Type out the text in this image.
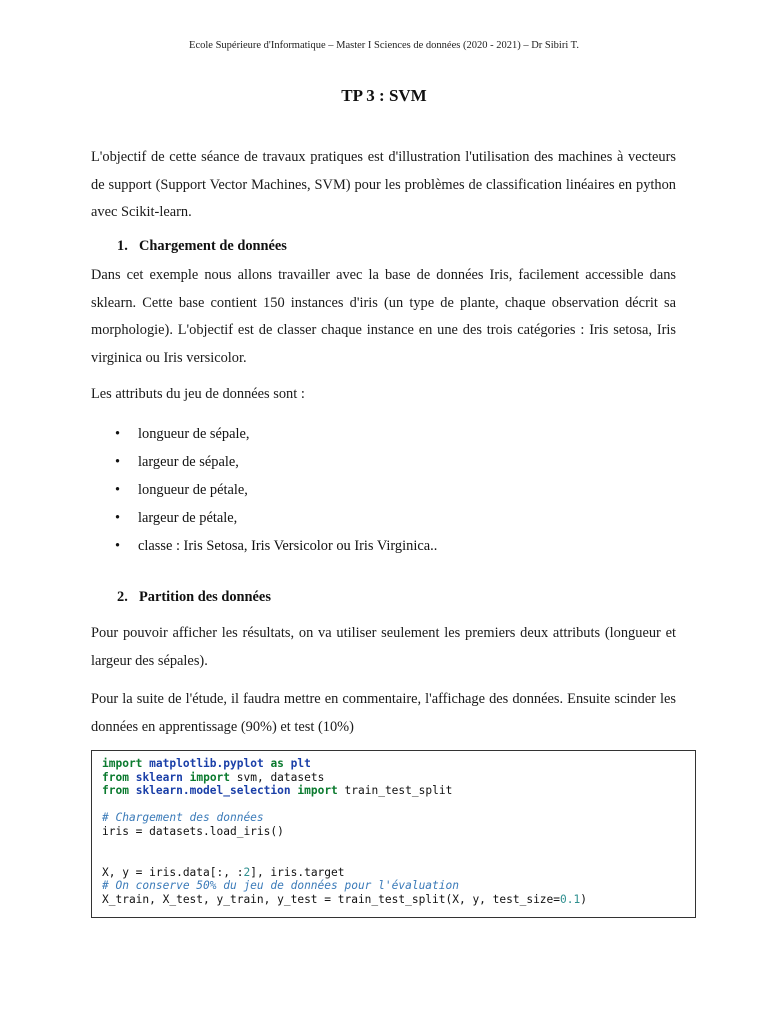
Ecole Supérieure d'Informatique – Master I Sciences de données (2020 - 2021) – Dr Sibiri T.
TP 3 : SVM
L'objectif de cette séance de travaux pratiques est d'illustration l'utilisation des machines à vecteurs de support (Support Vector Machines, SVM) pour les problèmes de classification linéaires en python avec Scikit-learn.
1. Chargement de données
Dans cet exemple nous allons travailler avec la base de données Iris, facilement accessible dans sklearn. Cette base contient 150 instances d'iris (un type de plante, chaque observation décrit sa morphologie). L'objectif est de classer chaque instance en une des trois catégories : Iris setosa, Iris virginica ou Iris versicolor.
Les attributs du jeu de données sont :
• longueur de sépale,
• largeur de sépale,
• longueur de pétale,
• largeur de pétale,
• classe : Iris Setosa, Iris Versicolor ou Iris Virginica..
2. Partition des données
Pour pouvoir afficher les résultats, on va utiliser seulement les premiers deux attributs (longueur et largeur des sépales).
Pour la suite de l'étude, il faudra mettre en commentaire, l'affichage des données. Ensuite scinder les données en apprentissage (90%) et test (10%)
import matplotlib.pyplot as plt
from sklearn import svm, datasets
from sklearn.model_selection import train_test_split
# Chargement des données
iris = datasets.load_iris()
X, y = iris.data[:, :2], iris.target
# On conserve 50% du jeu de données pour l'évaluation
X_train, X_test, y_train, y_test = train_test_split(X, y, test_size=0.1)
